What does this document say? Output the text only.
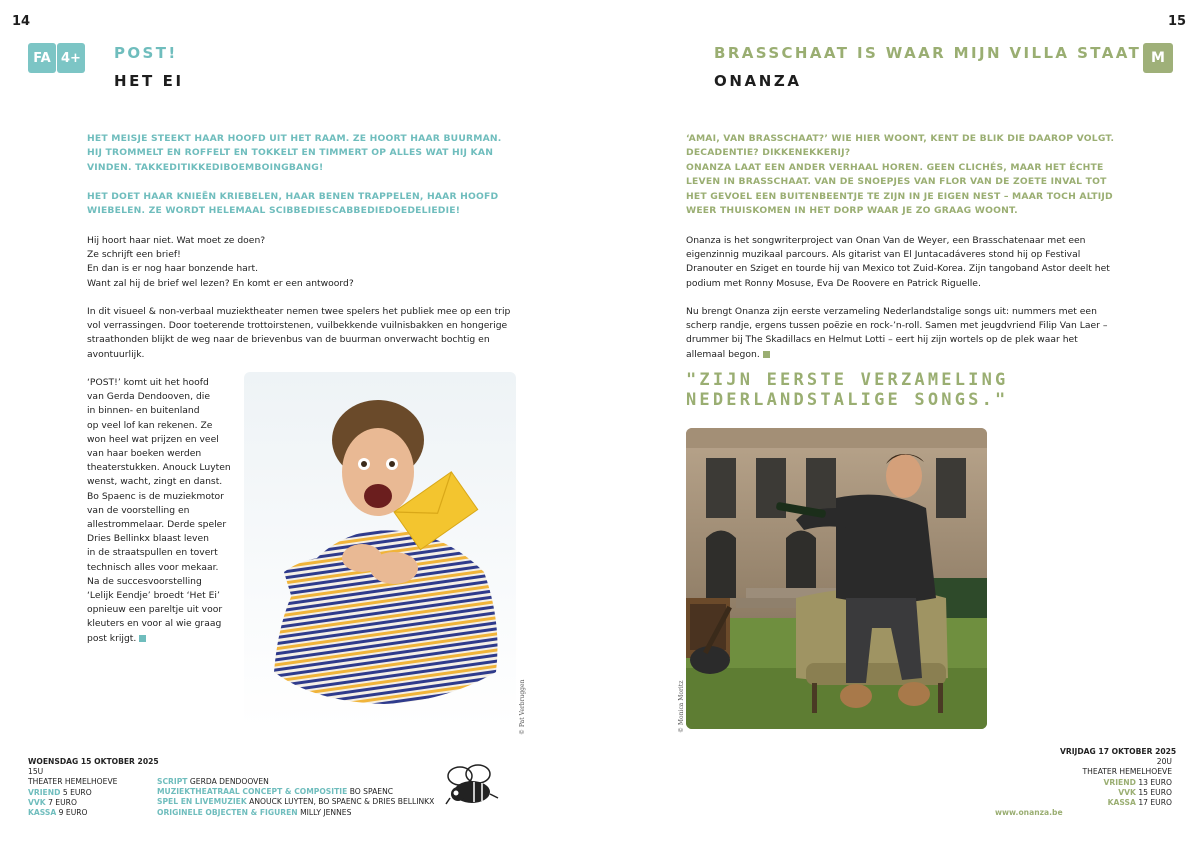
14
FA 4+ POST!
HET EI
HET MEISJE STEEKT HAAR HOOFD UIT HET RAAM. ZE HOORT HAAR BUURMAN. HIJ TROMMELT EN ROFFELT EN TOKKELT EN TIMMERT OP ALLES WAT HIJ KAN VINDEN. TAKKEDITIKKEDIBOEMBOINGBANG!
HET DOET HAAR KNIEËN KRIEBELEN, HAAR BENEN TRAPPELEN, HAAR HOOFD WIEBELEN. ZE WORDT HELEMAAL SCIBBEDIESCABBEDIEDOEDELIEDIE!

Hij hoort haar niet. Wat moet ze doen?

Ze schrijft een brief!

En dan is er nog haar bonzende hart.

Want zal hij de brief wel lezen? En komt er een antwoord?

In dit visueel & non-verbaal muziektheater nemen twee spelers het publiek mee op een trip vol verrassingen. Door toeterende trottoirstenen, vuilbekkende vuilnisbakken en hongerige straathonden blijkt de weg naar de brievenbus van de buurman onverwacht bochtig en avontuurlijk.

‘POST!’ komt uit het hoofd

van Gerda Dendooven, die

in binnen- en buitenland

op veel lof kan rekenen. Ze

won heel wat prijzen en veel

van haar boeken werden

theaterstukken. Anouck Luyten

wenst, wacht, zingt en danst.

Bo Spaenc is de muziekmotor

van de voorstelling en

allestrommelaar. Derde speler

Dries Bellinkx blaast leven

in de straatspullen en tovert

technisch alles voor mekaar.

Na de succesvoorstelling

‘Lelijk Eendje’ broedt ‘Het Ei’

opnieuw een pareltje uit voor

kleuters en voor al wie graag

post krijgt.

© Pat Verbruggen
WOENSDAG 15 OKTOBER 2025
15U
THEATER HEMELHOEVE
VRIEND 5 EURO
VVK 7 EURO
KASSA 9 EURO
SCRIPT GERDA DENDOOVEN
MUZIEKTHEATRAAL CONCEPT & COMPOSITIE BO SPAENC
SPEL EN LIVEMUZIEK ANOUCK LUYTEN, BO SPAENC & DRIES BELLINKX
ORIGINELE OBJECTEN & FIGUREN MILLY JENNES
15
M
BRASSCHAAT IS WAAR MIJN VILLA STAAT
ONANZA
‘AMAI, VAN BRASSCHAAT?’ WIE HIER WOONT, KENT DE BLIK DIE DAAROP VOLGT.
DECADENTIE? DIKKENEKKERIJ?
ONANZA LAAT EEN ANDER VERHAAL HOREN. GEEN CLICHÉS, MAAR HET ÉCHTE LEVEN IN BRASSCHAAT. VAN DE SNOEPJES VAN FLOR VAN DE ZOETE INVAL TOT HET GEVOEL EEN BUITENBEENTJE TE ZIJN IN JE EIGEN NEST – MAAR TOCH ALTIJD WEER THUISKOMEN IN HET DORP WAAR JE ZO GRAAG WOONT.
Onanza is het songwriterproject van Onan Van de Weyer, een Brasschatenaar met een eigenzinnig muzikaal parcours. Als gitarist van El Juntacadáveres stond hij op Festival Dranouter en Sziget en tourde hij van Mexico tot Zuid-Korea. Zijn tangoband Astor deelt het podium met Ronny Mosuse, Eva De Roovere en Patrick Riguelle.
Nu brengt Onanza zijn eerste verzameling Nederlandstalige songs uit: nummers met een scherp randje, ergens tussen poëzie en rock-’n-roll. Samen met jeugdvriend Filip Van Laer – drummer bij The Skadillacs en Helmut Lotti – eert hij zijn wortels op de plek waar het allemaal begon.
"ZIJN EERSTE VERZAMELING
NEDERLANDSTALIGE SONGS."
© Monica Moritz
www.onanza.be
VRIJDAG 17 OKTOBER 2025
20U
THEATER HEMELHOEVE
VRIEND 13 EURO
VVK 15 EURO
KASSA 17 EURO
